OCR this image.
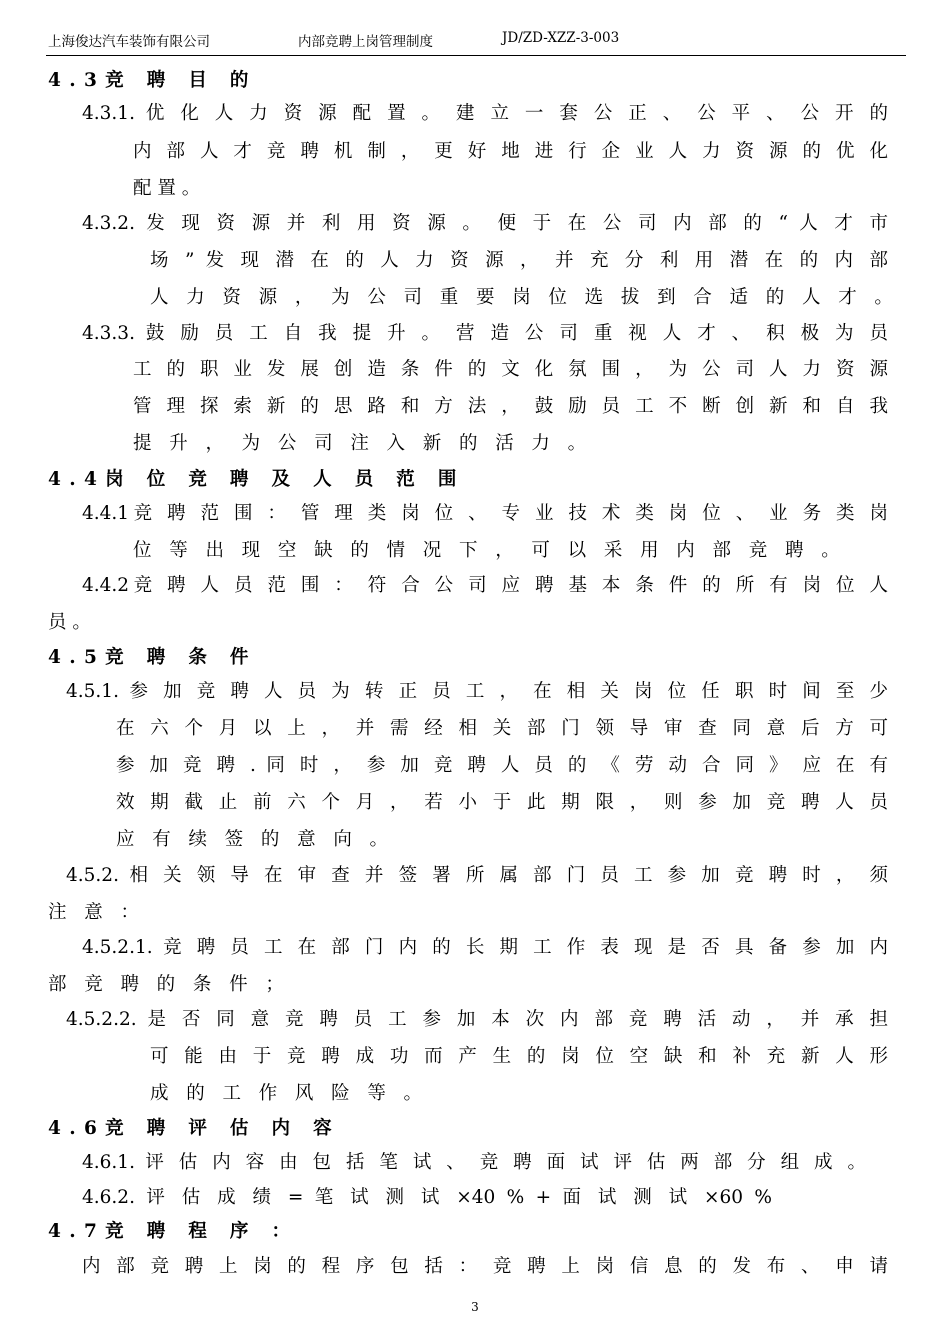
上海俊达汽车装饰有限公司	内部竞聘上岗管理制度	JD/ZD-XZZ-3-003
4.3竞 聘 目 的
4.3.1. 优 化 人 力 资 源 配 置 。 建 立 一 套 公 正 、 公 平 、 公 开 的
内 部 人 才 竞 聘 机 制 ， 更 好 地 进 行 企 业 人 力 资 源 的 优 化
配 置 。
4.3.2. 发 现 资 源 并 利 用 资 源 。 便 于 在 公 司 内 部 的 “ 人 才 市
场 ” 发 现 潜 在 的 人 力 资 源 ， 并 充 分 利 用 潜 在 的 内 部
人 力 资 源 ， 为 公 司 重 要 岗 位 选 拔 到 合 适 的 人 才 。
4.3.3. 鼓 励 员 工 自 我 提 升 。 营 造 公 司 重 视 人 才 、 积 极 为 员
工 的 职 业 发 展 创 造 条 件 的 文 化 氛 围 ， 为 公 司 人 力 资 源
管 理 探 索 新 的 思 路 和 方 法 ， 鼓 励 员 工 不 断 创 新 和 自 我
提 升 ， 为 公 司 注 入 新 的 活 力 。
4.4岗 位 竞 聘 及 人 员 范 围
4.4.1竞 聘 范 围 ： 管 理 类 岗 位 、 专 业 技 术 类 岗 位 、 业 务 类 岗
位 等 出 现 空 缺 的 情 况 下 ， 可 以 采 用 内 部 竞 聘 。
4.4.2竞 聘 人 员 范 围 ： 符 合 公 司 应 聘 基 本 条 件 的 所 有 岗 位 人
员 。
4.5竞 聘 条 件
4.5.1. 参 加 竞 聘 人 员 为 转 正 员 工 ， 在 相 关 岗 位 任 职 时 间 至 少
在 六 个 月 以 上 ， 并 需 经 相 关 部 门 领 导 审 查 同 意 后 方 可
参 加 竞 聘 . 同 时 ， 参 加 竞 聘 人 员 的 《 劳 动 合 同 》 应 在 有
效 期 截 止 前 六 个 月 ， 若 小 于 此 期 限 ， 则 参 加 竞 聘 人 员
应 有 续 签 的 意 向 。
4.5.2. 相 关 领 导 在 审 查 并 签 署 所 属 部 门 员 工 参 加 竞 聘 时 ， 须
注 意 ：
4.5.2.1. 竞 聘 员 工 在 部 门 内 的 长 期 工 作 表 现 是 否 具 备 参 加 内
部 竞 聘 的 条 件 ；
4.5.2.2. 是 否 同 意 竞 聘 员 工 参 加 本 次 内 部 竞 聘 活 动 ， 并 承 担
可 能 由 于 竞 聘 成 功 而 产 生 的 岗 位 空 缺 和 补 充 新 人 形
成 的 工 作 风 险 等 。
4.6竞 聘 评 估 内 容
4.6.1. 评 估 内 容 由 包 括 笔 试 、 竞 聘 面 试 评 估 两 部 分 组 成 。
4.6.2. 评 估 成 绩 = 笔 试 测 试 ×40 % + 面 试 测 试 ×60 %
4.7竞 聘 程 序 ：
内 部 竞 聘 上 岗 的 程 序 包 括 ： 竞 聘 上 岗 信 息 的 发 布 、 申 请
3
